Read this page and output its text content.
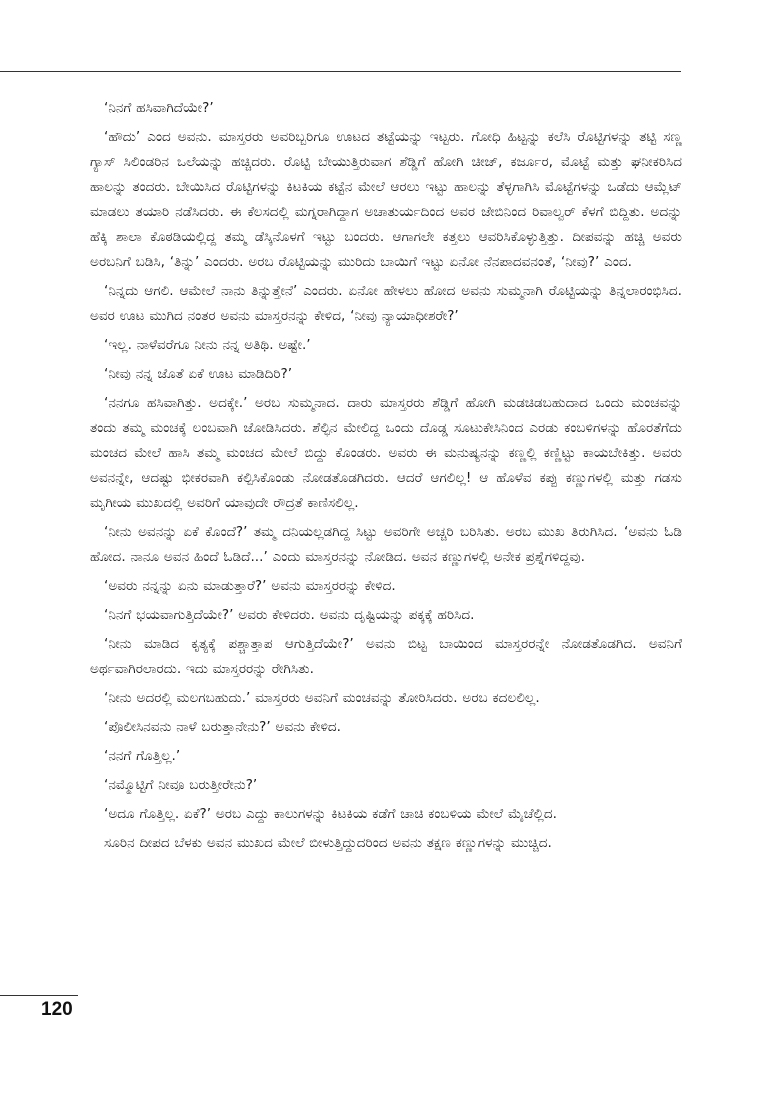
‘ನಿನಗೆ ಹಸಿವಾಗಿದೆಯೇ?’

‘ಹೌದು’ ಎಂದ ಅವನು. ಮಾಸ್ತರರು ಅವರಿಬ್ಬರಿಗೂ ಊಟದ ತಟ್ಟೆಯನ್ನು ಇಟ್ಟರು. ಗೋಧಿ ಹಿಟ್ಟನ್ನು ಕಲೆಸಿ ರೊಟ್ಟಿಗಳನ್ನು ತಟ್ಟಿ ಸಣ್ಣ ಗ್ಯಾಸ್ ಸಿಲಿಂಡರಿನ ಒಲೆಯನ್ನು ಹಚ್ಚಿದರು. ರೊಟ್ಟಿ ಬೇಯುತ್ತಿರುವಾಗ ಶೆಡ್ಡಿಗೆ ಹೋಗಿ ಚೀಜ್, ಕರ್ಜೂರ, ಮೊಟ್ಟೆ ಮತ್ತು ಘನೀಕರಿಸಿದ ಹಾಲನ್ನು ತಂದರು. ಬೇಯಿಸಿದ ರೊಟ್ಟಿಗಳನ್ನು ಕಿಟಕಿಯ ಕಟ್ಟೆನ ಮೇಲೆ ಆರಲು ಇಟ್ಟು ಹಾಲನ್ನು ತೆಳ್ಳಗಾಗಿಸಿ ಮೊಟ್ಟೆಗಳನ್ನು ಒಡೆದು ಆಮ್ಲೆಟ್ ಮಾಡಲು ತಯಾರಿ ನಡೆಸಿದರು. ಈ ಕೆಲಸದಲ್ಲಿ ಮಗ್ನರಾಗಿದ್ದಾಗ ಅಚಾತುರ್ಯದಿಂದ ಅವರ ಜೇಬಿನಿಂದ ರಿವಾಲ್ವರ್ ಕೆಳಗೆ ಬಿದ್ದಿತು. ಅದನ್ನು ಹೆಕ್ಕಿ ಶಾಲಾ ಕೊಠಡಿಯಲ್ಲಿದ್ದ ತಮ್ಮ ಡೆಸ್ಕಿನೊಳಗೆ ಇಟ್ಟು ಬಂದರು. ಆಗಾಗಲೇ ಕತ್ತಲು ಆವರಿಸಿಕೊಳ್ಳುತ್ತಿತ್ತು. ದೀಪವನ್ನು ಹಚ್ಚಿ ಅವರು ಅರಬನಿಗೆ ಬಡಿಸಿ, ‘ತಿನ್ನು’ ಎಂದರು. ಅರಬ ರೊಟ್ಟಿಯನ್ನು ಮುರಿದು ಬಾಯಿಗೆ ಇಟ್ಟು ಏನೋ ನೆನಪಾದವನಂತೆ, ‘ನೀವು?’ ಎಂದ.

‘ನಿನ್ನದು ಆಗಲಿ. ಆಮೇಲೆ ನಾನು ತಿನ್ನುತ್ತೇನೆ’ ಎಂದರು. ಏನೋ ಹೇಳಲು ಹೋದ ಅವನು ಸುಮ್ಮನಾಗಿ ರೊಟ್ಟಿಯನ್ನು ತಿನ್ನಲಾರಂಭಿಸಿದ. ಅವರ ಊಟ ಮುಗಿದ ನಂತರ ಅವನು ಮಾಸ್ತರನನ್ನು ಕೇಳಿದ, ‘ನೀವು ನ್ಯಾಯಾಧೀಶರೇ?’

‘ಇಲ್ಲ. ನಾಳೆವರೆಗೂ ನೀನು ನನ್ನ ಅತಿಥಿ. ಅಷ್ಟೇ.’

‘ನೀವು ನನ್ನ ಜೊತೆ ಏಕೆ ಊಟ ಮಾಡಿದಿರಿ?’

‘ನನಗೂ ಹಸಿವಾಗಿತ್ತು. ಅದಕ್ಕೇ.’ ಅರಬ ಸುಮ್ಮನಾದ. ದಾರು ಮಾಸ್ತರರು ಶೆಡ್ಡಿಗೆ ಹೋಗಿ ಮಡಚಿಡಬಹುದಾದ ಒಂದು ಮಂಚವನ್ನು ತಂದು ತಮ್ಮ ಮಂಚಕ್ಕೆ ಲಂಬವಾಗಿ ಜೋಡಿಸಿದರು. ಶೆಲ್ಫಿನ ಮೇಲಿದ್ದ ಒಂದು ದೊಡ್ಡ ಸೂಟುಕೇಸಿನಿಂದ ಎರಡು ಕಂಬಳಿಗಳನ್ನು ಹೊರತೆಗೆದು ಮಂಚದ ಮೇಲೆ ಹಾಸಿ ತಮ್ಮ ಮಂಚದ ಮೇಲೆ ಬಿದ್ದು ಕೊಂಡರು. ಅವರು ಈ ಮನುಷ್ಯನನ್ನು ಕಣ್ಣಲ್ಲಿ ಕಣ್ಣಿಟ್ಟು ಕಾಯಬೇಕಿತ್ತು. ಅವರು ಅವನನ್ನೇ, ಆದಷ್ಟು ಭೀಕರವಾಗಿ ಕಲ್ಪಿಸಿಕೊಂಡು ನೋಡತೊಡಗಿದರು. ಆದರೆ ಆಗಲಿಲ್ಲ! ಆ ಹೊಳೆವ ಕಪ್ಪು ಕಣ್ಣುಗಳಲ್ಲಿ ಮತ್ತು ಗಡಸು ಮೃಗೀಯ ಮುಖದಲ್ಲಿ ಅವರಿಗೆ ಯಾವುದೇ ರೌದ್ರತೆ ಕಾಣಿಸಲಿಲ್ಲ.

‘ನೀನು ಅವನನ್ನು ಏಕೆ ಕೊಂದೆ?’ ತಮ್ಮ ದನಿಯಲ್ಲಡಗಿದ್ದ ಸಿಟ್ಟು ಅವರಿಗೇ ಅಚ್ಚರಿ ಬರಿಸಿತು. ಅರಬ ಮುಖ ತಿರುಗಿಸಿದ. ‘ಅವನು ಓಡಿ ಹೋದ. ನಾನೂ ಅವನ ಹಿಂದೆ ಓಡಿದೆ...’ ಎಂದು ಮಾಸ್ತರನನ್ನು ನೋಡಿದ. ಅವನ ಕಣ್ಣುಗಳಲ್ಲಿ ಅನೇಕ ಪ್ರಶ್ನೆಗಳಿದ್ದವು.

‘ಅವರು ನನ್ನನ್ನು ಏನು ಮಾಡುತ್ತಾರೆ?’ ಅವನು ಮಾಸ್ತರರನ್ನು ಕೇಳಿದ.

‘ನಿನಗೆ ಭಯವಾಗುತ್ತಿದೆಯೇ?’ ಅವರು ಕೇಳಿದರು. ಅವನು ದೃಷ್ಟಿಯನ್ನು ಪಕ್ಕಕ್ಕೆ ಹರಿಸಿದ.

‘ನೀನು ಮಾಡಿದ ಕೃತ್ಯಕ್ಕೆ ಪಶ್ಚಾತ್ತಾಪ ಆಗುತ್ತಿದೆಯೇ?’ ಅವನು ಬಿಟ್ಟ ಬಾಯಿಂದ ಮಾಸ್ತರರನ್ನೇ ನೋಡತೊಡಗಿದ. ಅವನಿಗೆ ಅರ್ಥವಾಗಿರಲಾರದು. ಇದು ಮಾಸ್ತರರನ್ನು ರೇಗಿಸಿತು.

‘ನೀನು ಅದರಲ್ಲಿ ಮಲಗಬಹುದು.’ ಮಾಸ್ತರರು ಅವನಿಗೆ ಮಂಚವನ್ನು ತೋರಿಸಿದರು. ಅರಬ ಕದಲಲಿಲ್ಲ.

‘ಪೊಲೀಸಿನವನು ನಾಳೆ ಬರುತ್ತಾನೇನು?’ ಅವನು ಕೇಳಿದ.

‘ನನಗೆ ಗೊತ್ತಿಲ್ಲ.’

‘ನಮ್ಮೊಟ್ಟಿಗೆ ನೀವೂ ಬರುತ್ತೀರೇನು?’

‘ಅದೂ ಗೊತ್ತಿಲ್ಲ. ಏಕೆ?’ ಅರಬ ಎದ್ದು ಕಾಲುಗಳನ್ನು ಕಿಟಕಿಯ ಕಡೆಗೆ ಚಾಚಿ ಕಂಬಳಿಯ ಮೇಲೆ ಮೈಚೆಲ್ಲಿದ.

ಸೂರಿನ ದೀಪದ ಬೆಳಕು ಅವನ ಮುಖದ ಮೇಲೆ ಬೀಳುತ್ತಿದ್ದುದರಿಂದ ಅವನು ತಕ್ಷಣ ಕಣ್ಣುಗಳನ್ನು ಮುಚ್ಚಿದ.

120
